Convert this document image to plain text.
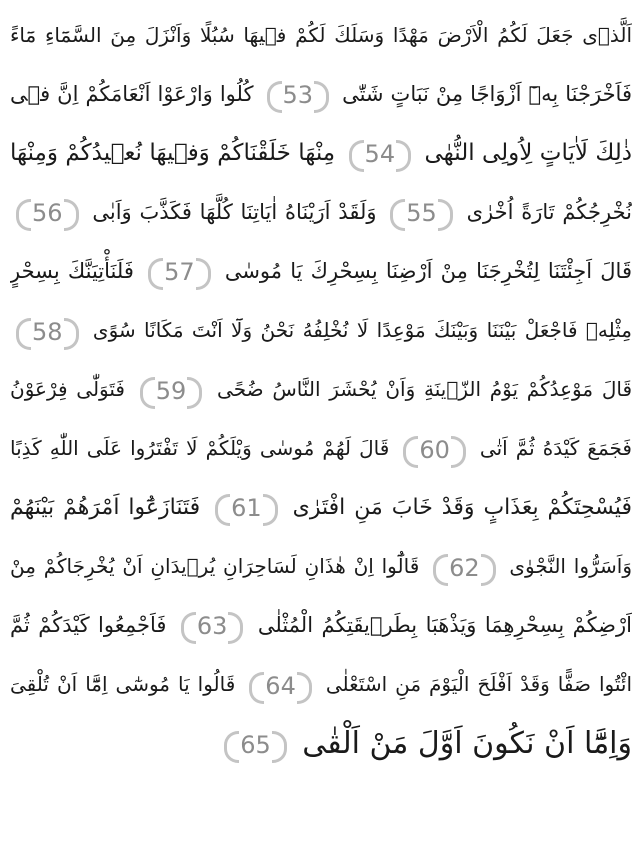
اَلَّذٖى جَعَلَ لَكُمُ الْاَرْضَ مَهْدًا وَسَلَكَ لَكُمْ فٖيهَا سُبُلًا وَاَنْزَلَ مِنَ السَّمَٓاءِ مَٓاءً
فَاَخْرَجْنَا بِهٖٓ اَزْوَاجًا مِنْ نَبَاتٍ شَتّٰى 53 كُلُوا وَارْعَوْا اَنْعَامَكُمْ اِنَّ فٖى
ذٰلِكَ لَاٰيَاتٍ لِاُولِى النُّهٰى 54 مِنْهَا خَلَقْنَاكُمْ وَفٖيهَا نُعٖيدُكُمْ وَمِنْهَا
نُخْرِجُكُمْ تَارَةً اُخْرٰى 55 وَلَقَدْ اَرَيْنَاهُ اٰيَاتِنَا كُلَّهَا فَكَذَّبَ وَاَبٰى 56
قَالَ اَجِئْتَنَا لِتُخْرِجَنَا مِنْ اَرْضِنَا بِسِحْرِكَ يَا مُوسٰى 57 فَلَنَأْتِيَنَّكَ بِسِحْرٍ
مِثْلِهٖ فَاجْعَلْ بَيْنَنَا وَبَيْنَكَ مَوْعِدًا لَا نُخْلِفُهُ نَحْنُ وَلَٓا اَنْتَ مَكَانًا سُوًى 58
قَالَ مَوْعِدُكُمْ يَوْمُ الزّٖينَةِ وَاَنْ يُحْشَرَ النَّاسُ ضُحًى 59 فَتَوَلّٰى فِرْعَوْنُ
فَجَمَعَ كَيْدَهُ ثُمَّ اَتٰى 60 قَالَ لَهُمْ مُوسٰى وَيْلَكُمْ لَا تَفْتَرُوا عَلَى اللّٰهِ كَذِبًا
فَيُسْحِتَكُمْ بِعَذَابٍ وَقَدْ خَابَ مَنِ افْتَرٰى 61 فَتَنَازَعُٓوا اَمْرَهُمْ بَيْنَهُمْ
وَاَسَرُّوا النَّجْوٰى 62 قَالُٓوا اِنْ هٰذَانِ لَسَاحِرَانِ يُرٖيدَانِ اَنْ يُخْرِجَاكُمْ مِنْ
اَرْضِكُمْ بِسِحْرِهِمَا وَيَذْهَبَا بِطَرٖيقَتِكُمُ الْمُثْلٰى 63 فَاَجْمِعُوا كَيْدَكُمْ ثُمَّ
ائْتُوا صَفًّا وَقَدْ اَفْلَحَ الْيَوْمَ مَنِ اسْتَعْلٰى 64 قَالُوا يَا مُوسٰٓى اِمَّٓا اَنْ تُلْقِىَ
وَاِمَّٓا اَنْ نَكُونَ اَوَّلَ مَنْ اَلْقٰى 65
